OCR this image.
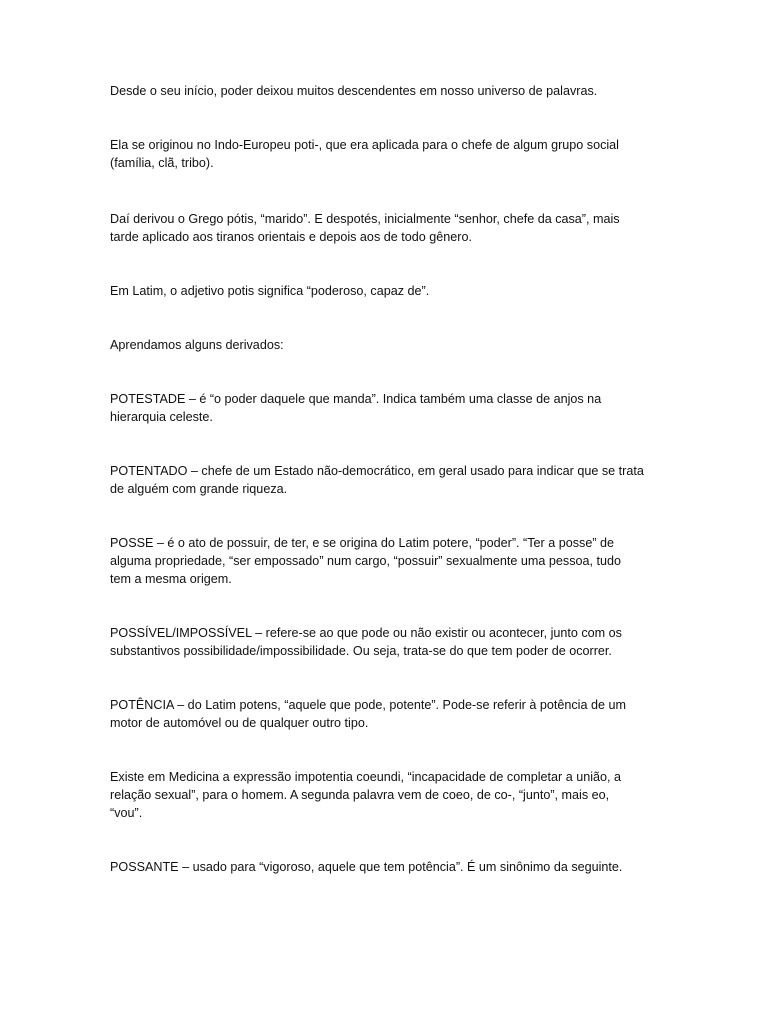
Desde o seu início, poder deixou muitos descendentes em nosso universo de palavras.

Ela se originou no Indo-Europeu poti-, que era aplicada para o chefe de algum grupo social
(família, clã, tribo).

Daí derivou o Grego pótis, “marido”. E despotés, inicialmente “senhor, chefe da casa”, mais
tarde aplicado aos tiranos orientais e depois aos de todo gênero.

Em Latim, o adjetivo potis significa “poderoso, capaz de”.

Aprendamos alguns derivados:

POTESTADE – é “o poder daquele que manda”. Indica também uma classe de anjos na
hierarquia celeste.

POTENTADO – chefe de um Estado não-democrático, em geral usado para indicar que se trata
de alguém com grande riqueza.

POSSE – é o ato de possuir, de ter, e se origina do Latim potere, “poder”. “Ter a posse” de
alguma propriedade, “ser empossado” num cargo, “possuir” sexualmente uma pessoa, tudo
tem a mesma origem.

POSSÍVEL/IMPOSSÍVEL – refere-se ao que pode ou não existir ou acontecer, junto com os
substantivos possibilidade/impossibilidade. Ou seja, trata-se do que tem poder de ocorrer.

POTÊNCIA – do Latim potens, “aquele que pode, potente”. Pode-se referir à potência de um
motor de automóvel ou de qualquer outro tipo.

Existe em Medicina a expressão impotentia coeundi, “incapacidade de completar a união, a
relação sexual”, para o homem. A segunda palavra vem de coeo, de co-, “junto”, mais eo,
“vou”.

POSSANTE – usado para “vigoroso, aquele que tem potência”. É um sinônimo da seguinte.
